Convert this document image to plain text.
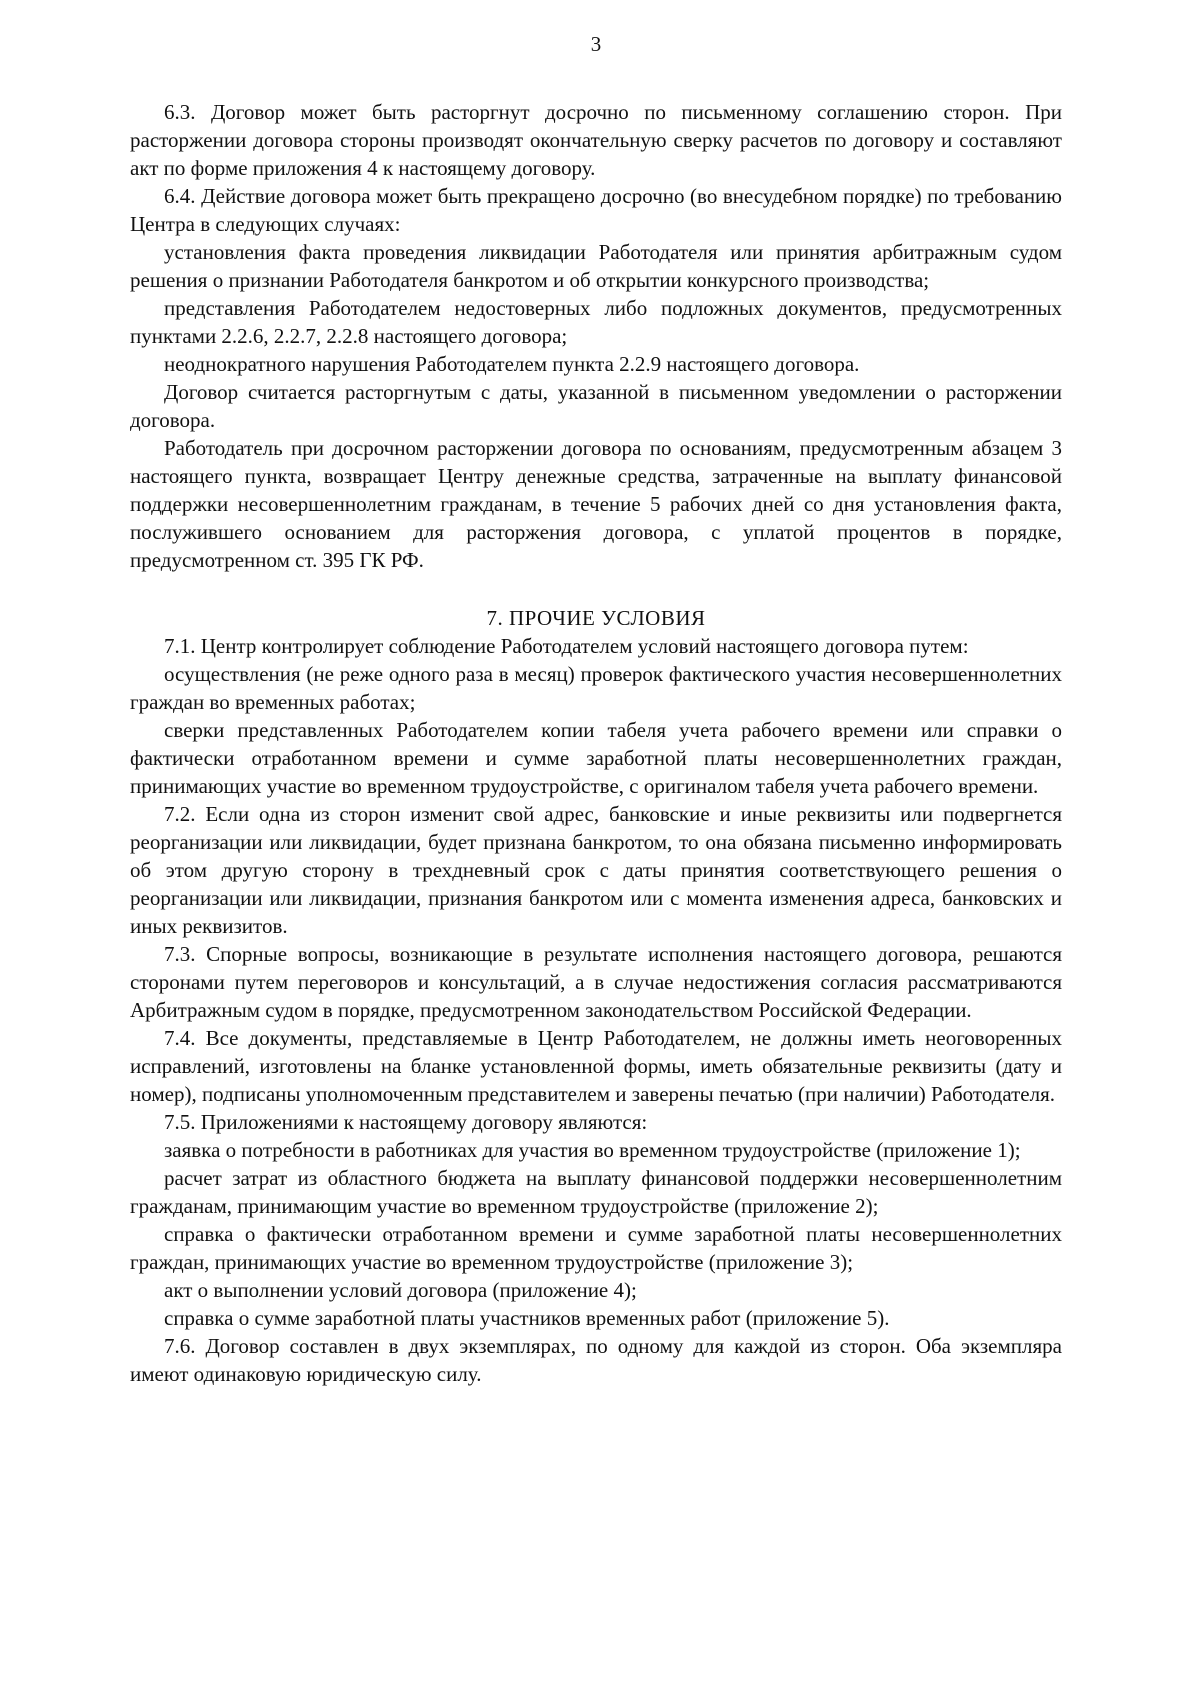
3

6.3. Договор может быть расторгнут досрочно по письменному соглашению сторон. При расторжении договора стороны производят окончательную сверку расчетов по договору и составляют акт по форме приложения 4 к настоящему договору.

6.4. Действие договора может быть прекращено досрочно (во внесудебном порядке) по требованию Центра в следующих случаях:

установления факта проведения ликвидации Работодателя или принятия арбитражным судом решения о признании Работодателя банкротом и об открытии конкурсного производства;

представления Работодателем недостоверных либо подложных документов, предусмотренных пунктами 2.2.6, 2.2.7, 2.2.8 настоящего договора;

неоднократного нарушения Работодателем пункта 2.2.9 настоящего договора.

Договор считается расторгнутым с даты, указанной в письменном уведомлении о расторжении договора.

Работодатель при досрочном расторжении договора по основаниям, предусмотренным абзацем 3 настоящего пункта, возвращает Центру денежные средства, затраченные на выплату финансовой поддержки несовершеннолетним гражданам, в течение 5 рабочих дней со дня установления факта, послужившего основанием для расторжения договора, с уплатой процентов в порядке, предусмотренном ст. 395 ГК РФ.

7. ПРОЧИЕ УСЛОВИЯ

7.1. Центр контролирует соблюдение Работодателем условий настоящего договора путем:

осуществления (не реже одного раза в месяц) проверок фактического участия несовершеннолетних граждан во временных работах;

сверки представленных Работодателем копии табеля учета рабочего времени или справки о фактически отработанном времени и сумме заработной платы несовершеннолетних граждан, принимающих участие во временном трудоустройстве, с оригиналом табеля учета рабочего времени.

7.2. Если одна из сторон изменит свой адрес, банковские и иные реквизиты или подвергнется реорганизации или ликвидации, будет признана банкротом, то она обязана письменно информировать об этом другую сторону в трехдневный срок с даты принятия соответствующего решения о реорганизации или ликвидации, признания банкротом или с момента изменения адреса, банковских и иных реквизитов.

7.3. Спорные вопросы, возникающие в результате исполнения настоящего договора, решаются сторонами путем переговоров и консультаций, а в случае недостижения согласия рассматриваются Арбитражным судом в порядке, предусмотренном законодательством Российской Федерации.

7.4. Все документы, представляемые в Центр Работодателем, не должны иметь неоговоренных исправлений, изготовлены на бланке установленной формы, иметь обязательные реквизиты (дату и номер), подписаны уполномоченным представителем и заверены печатью (при наличии) Работодателя.

7.5. Приложениями к настоящему договору являются:

заявка о потребности в работниках для участия во временном трудоустройстве (приложение 1);

расчет затрат из областного бюджета на выплату финансовой поддержки несовершеннолетним гражданам, принимающим участие во временном трудоустройстве (приложение 2);

справка о фактически отработанном времени и сумме заработной платы несовершеннолетних граждан, принимающих участие во временном трудоустройстве (приложение 3);

акт о выполнении условий договора (приложение 4);

справка о сумме заработной платы участников временных работ (приложение 5).

7.6. Договор составлен в двух экземплярах, по одному для каждой из сторон. Оба экземпляра имеют одинаковую юридическую силу.
